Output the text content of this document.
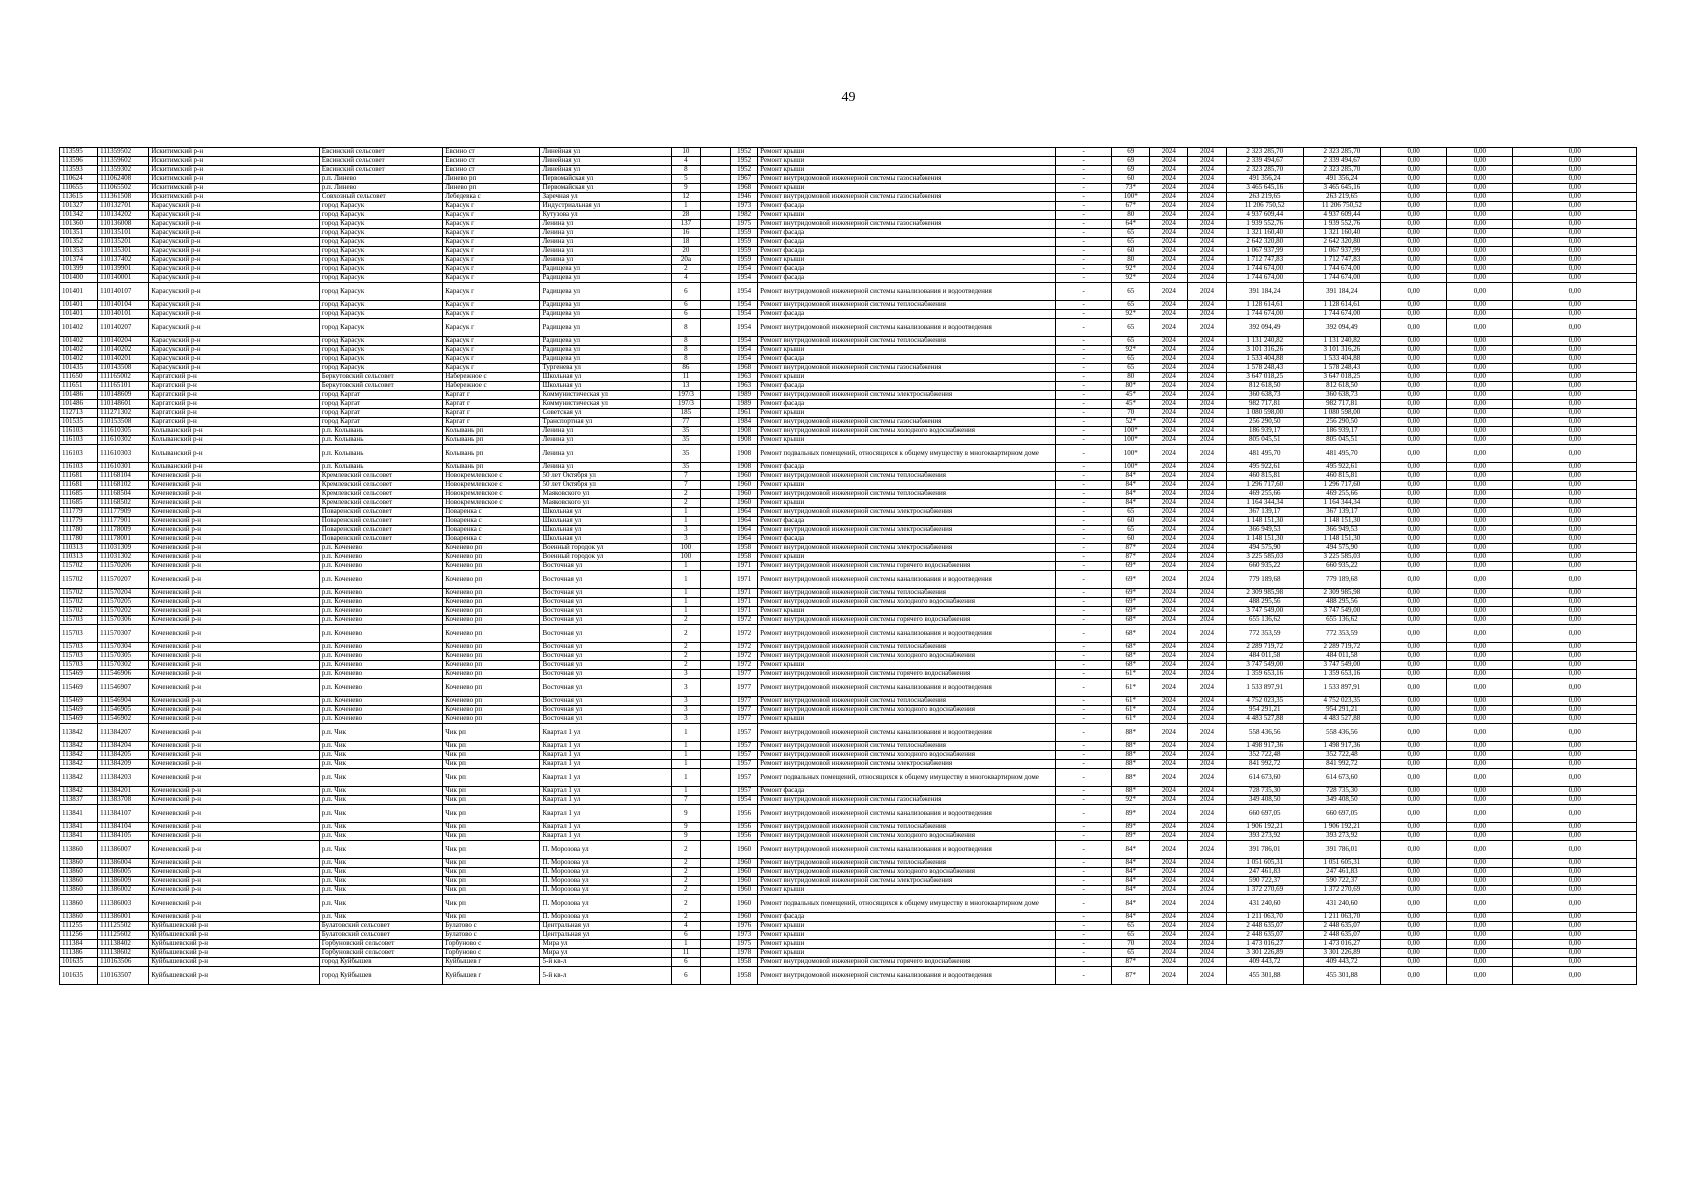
49
113595	111359502	Искитимский р-н	Евсинский сельсовет	Евсино ст	Линейная ул	10		1952	Ремонт крыши	-	69	2024	2024	2 323 285,70	2 323 285,70	0,00	0,00	0,00
113596	111359602	Искитимский р-н	Евсинский сельсовет	Евсино ст	Линейная ул	4		1952	Ремонт крыши	-	69	2024	2024	2 339 494,67	2 339 494,67	0,00	0,00	0,00
113593	111359302	Искитимский р-н	Евсинский сельсовет	Евсино ст	Линейная ул	8		1952	Ремонт крыши	-	69	2024	2024	2 323 285,70	2 323 285,70	0,00	0,00	0,00
110624	111062408	Искитимский р-н	р.п. Линево	Линево рп	Первомайская ул	5		1967	Ремонт внутридомовой инженерной системы газоснабжения	-	60	2024	2024	491 356,24	491 356,24	0,00	0,00	0,00
110655	111065502	Искитимский р-н	р.п. Линево	Линево рп	Первомайская ул	9		1968	Ремонт крыши	-	73*	2024	2024	3 465 645,16	3 465 645,16	0,00	0,00	0,00
113615	111361508	Искитимский р-н	Совхозный сельсовет	Лебедевка с	Заречная ул	12		1946	Ремонт внутридомовой инженерной системы газоснабжения	-	100*	2024	2024	263 219,65	263 219,65	0,00	0,00	0,00
101327	110132701	Карасукский р-н	город Карасук	Карасук г	Индустриальная ул	1		1973	Ремонт фасада	-	67*	2024	2024	11 206 750,52	11 206 750,52	0,00	0,00	0,00
101342	110134202	Карасукский р-н	город Карасук	Карасук г	Кутузова ул	28		1982	Ремонт крыши	-	80	2024	2024	4 937 609,44	4 937 609,44	0,00	0,00	0,00
101360	110136008	Карасукский р-н	город Карасук	Карасук г	Ленина ул	137		1975	Ремонт внутридомовой инженерной системы газоснабжения	-	64*	2024	2024	1 939 552,76	1 939 552,76	0,00	0,00	0,00
101351	110135101	Карасукский р-н	город Карасук	Карасук г	Ленина ул	16		1959	Ремонт фасада	-	65	2024	2024	1 321 160,40	1 321 160,40	0,00	0,00	0,00
101352	110135201	Карасукский р-н	город Карасук	Карасук г	Ленина ул	18		1959	Ремонт фасада	-	65	2024	2024	2 642 320,80	2 642 320,80	0,00	0,00	0,00
101353	110135301	Карасукский р-н	город Карасук	Карасук г	Ленина ул	20		1959	Ремонт фасада	-	60	2024	2024	1 067 937,99	1 067 937,99	0,00	0,00	0,00
101374	110137402	Карасукский р-н	город Карасук	Карасук г	Ленина ул	20а		1959	Ремонт крыши	-	80	2024	2024	1 712 747,83	1 712 747,83	0,00	0,00	0,00
101399	110139901	Карасукский р-н	город Карасук	Карасук г	Радищева ул	2		1954	Ремонт фасада	-	92*	2024	2024	1 744 674,00	1 744 674,00	0,00	0,00	0,00
101400	110140001	Карасукский р-н	город Карасук	Карасук г	Радищева ул	4		1954	Ремонт фасада	-	92*	2024	2024	1 744 674,00	1 744 674,00	0,00	0,00	0,00
101401	110140107	Карасукский р-н	город Карасук	Карасук г	Радищева ул	6		1954	Ремонт внутридомовой инженерной системы канализования и водоотведения	-	65	2024	2024	391 184,24	391 184,24	0,00	0,00	0,00
101401	110140104	Карасукский р-н	город Карасук	Карасук г	Радищева ул	6		1954	Ремонт внутридомовой инженерной системы теплоснабжения	-	65	2024	2024	1 128 614,61	1 128 614,61	0,00	0,00	0,00
101401	110140101	Карасукский р-н	город Карасук	Карасук г	Радищева ул	6		1954	Ремонт фасада	-	92*	2024	2024	1 744 674,00	1 744 674,00	0,00	0,00	0,00
101402	110140207	Карасукский р-н	город Карасук	Карасук г	Радищева ул	8		1954	Ремонт внутридомовой инженерной системы канализования и водоотведения	-	65	2024	2024	392 094,49	392 094,49	0,00	0,00	0,00
101402	110140204	Карасукский р-н	город Карасук	Карасук г	Радищева ул	8		1954	Ремонт внутридомовой инженерной системы теплоснабжения	-	65	2024	2024	1 131 240,82	1 131 240,82	0,00	0,00	0,00
101402	110140202	Карасукский р-н	город Карасук	Карасук г	Радищева ул	8		1954	Ремонт крыши	-	92*	2024	2024	3 101 316,26	3 101 316,26	0,00	0,00	0,00
101402	110140201	Карасукский р-н	город Карасук	Карасук г	Радищева ул	8		1954	Ремонт фасада	-	65	2024	2024	1 533 404,88	1 533 404,88	0,00	0,00	0,00
101435	110143508	Карасукский р-н	город Карасук	Карасук г	Тургенева ул	86		1968	Ремонт внутридомовой инженерной системы газоснабжения	-	65	2024	2024	1 578 248,43	1 578 248,43	0,00	0,00	0,00
111650	111165002	Каргатский р-н	Беркутовский сельсовет	Набережное с	Школьная ул	11		1963	Ремонт крыши	-	80	2024	2024	3 647 018,25	3 647 018,25	0,00	0,00	0,00
111651	111165101	Каргатский р-н	Беркутовский сельсовет	Набережное с	Школьная ул	13		1963	Ремонт фасада	-	80*	2024	2024	812 618,50	812 618,50	0,00	0,00	0,00
101486	110148609	Каргатский р-н	город Каргат	Каргат г	Коммунистическая ул	197/3		1989	Ремонт внутридомовой инженерной системы электроснабжения	-	45*	2024	2024	360 638,73	360 638,73	0,00	0,00	0,00
101486	110148601	Каргатский р-н	город Каргат	Каргат г	Коммунистическая ул	197/3		1989	Ремонт фасада	-	45*	2024	2024	982 717,81	982 717,81	0,00	0,00	0,00
112713	111271302	Каргатский р-н	город Каргат	Каргат г	Советская ул	185		1961	Ремонт крыши	-	70	2024	2024	1 080 598,00	1 080 598,00	0,00	0,00	0,00
101535	110153508	Каргатский р-н	город Каргат	Каргат г	Транспортная ул	77		1984	Ремонт внутридомовой инженерной системы газоснабжения	-	52*	2024	2024	256 290,50	256 290,50	0,00	0,00	0,00
116103	111610305	Колыванский р-н	р.п. Колывань	Колывань рп	Ленина ул	35		1908	Ремонт внутридомовой инженерной системы холодного водоснабжения	-	100*	2024	2024	186 939,17	186 939,17	0,00	0,00	0,00
116103	111610302	Колыванский р-н	р.п. Колывань	Колывань рп	Ленина ул	35		1908	Ремонт крыши	-	100*	2024	2024	805 045,51	805 045,51	0,00	0,00	0,00
116103	111610303	Колыванский р-н	р.п. Колывань	Колывань рп	Ленина ул	35		1908	Ремонт подвальных помещений, относящихся к общему имуществу в многоквартирном доме	-	100*	2024	2024	481 495,70	481 495,70	0,00	0,00	0,00
116103	111610301	Колыванский р-н	р.п. Колывань	Колывань рп	Ленина ул	35		1908	Ремонт фасада	-	100*	2024	2024	495 922,61	495 922,61	0,00	0,00	0,00
111681	111168104	Коченевский р-н	Кремлевский сельсовет	Новокремлевское с	50 лет Октября ул	7		1960	Ремонт внутридомовой инженерной системы теплоснабжения	-	84*	2024	2024	460 815,81	460 815,81	0,00	0,00	0,00
111681	111168102	Коченевский р-н	Кремлевский сельсовет	Новокремлевское с	50 лет Октября ул	7		1960	Ремонт крыши	-	84*	2024	2024	1 296 717,60	1 296 717,60	0,00	0,00	0,00
111685	111168504	Коченевский р-н	Кремлевский сельсовет	Новокремлевское с	Маяковского ул	2		1960	Ремонт внутридомовой инженерной системы теплоснабжения	-	84*	2024	2024	469 255,66	469 255,66	0,00	0,00	0,00
111685	111168502	Коченевский р-н	Кремлевский сельсовет	Новокремлевское с	Маяковского ул	2		1960	Ремонт крыши	-	84*	2024	2024	1 164 344,34	1 164 344,34	0,00	0,00	0,00
111779	111177909	Коченевский р-н	Поваренский сельсовет	Поваренка с	Школьная ул	1		1964	Ремонт внутридомовой инженерной системы электроснабжения	-	65	2024	2024	367 139,17	367 139,17	0,00	0,00	0,00
111779	111177901	Коченевский р-н	Поваренский сельсовет	Поваренка с	Школьная ул	1		1964	Ремонт фасада	-	60	2024	2024	1 148 151,30	1 148 151,30	0,00	0,00	0,00
111780	111178009	Коченевский р-н	Поваренский сельсовет	Поваренка с	Школьная ул	3		1964	Ремонт внутридомовой инженерной системы электроснабжения	-	65	2024	2024	366 949,53	366 949,53	0,00	0,00	0,00
111780	111178001	Коченевский р-н	Поваренский сельсовет	Поваренка с	Школьная ул	3		1964	Ремонт фасада	-	60	2024	2024	1 148 151,30	1 148 151,30	0,00	0,00	0,00
110313	111031309	Коченевский р-н	р.п. Коченево	Коченево рп	Военный городок ул	100		1958	Ремонт внутридомовой инженерной системы электроснабжения	-	87*	2024	2024	494 575,90	494 575,90	0,00	0,00	0,00
110313	111031302	Коченевский р-н	р.п. Коченево	Коченево рп	Военный городок ул	100		1958	Ремонт крыши	-	87*	2024	2024	3 225 585,03	3 225 585,03	0,00	0,00	0,00
115702	111570206	Коченевский р-н	р.п. Коченево	Коченево рп	Восточная ул	1		1971	Ремонт внутридомовой инженерной системы горячего водоснабжения	-	69*	2024	2024	660 935,22	660 935,22	0,00	0,00	0,00
115702	111570207	Коченевский р-н	р.п. Коченево	Коченево рп	Восточная ул	1		1971	Ремонт внутридомовой инженерной системы канализования и водоотведения	-	69*	2024	2024	779 189,68	779 189,68	0,00	0,00	0,00
115702	111570204	Коченевский р-н	р.п. Коченево	Коченево рп	Восточная ул	1		1971	Ремонт внутридомовой инженерной системы теплоснабжения	-	69*	2024	2024	2 309 985,98	2 309 985,98	0,00	0,00	0,00
115702	111570205	Коченевский р-н	р.п. Коченево	Коченево рп	Восточная ул	1		1971	Ремонт внутридомовой инженерной системы холодного водоснабжения	-	69*	2024	2024	488 295,56	488 295,56	0,00	0,00	0,00
115702	111570202	Коченевский р-н	р.п. Коченево	Коченево рп	Восточная ул	1		1971	Ремонт крыши	-	69*	2024	2024	3 747 549,00	3 747 549,00	0,00	0,00	0,00
115703	111570306	Коченевский р-н	р.п. Коченево	Коченево рп	Восточная ул	2		1972	Ремонт внутридомовой инженерной системы горячего водоснабжения	-	68*	2024	2024	655 136,62	655 136,62	0,00	0,00	0,00
115703	111570307	Коченевский р-н	р.п. Коченево	Коченево рп	Восточная ул	2		1972	Ремонт внутридомовой инженерной системы канализования и водоотведения	-	68*	2024	2024	772 353,59	772 353,59	0,00	0,00	0,00
115703	111570304	Коченевский р-н	р.п. Коченево	Коченево рп	Восточная ул	2		1972	Ремонт внутридомовой инженерной системы теплоснабжения	-	68*	2024	2024	2 289 719,72	2 289 719,72	0,00	0,00	0,00
115703	111570305	Коченевский р-н	р.п. Коченево	Коченево рп	Восточная ул	2		1972	Ремонт внутридомовой инженерной системы холодного водоснабжения	-	68*	2024	2024	484 011,58	484 011,58	0,00	0,00	0,00
115703	111570302	Коченевский р-н	р.п. Коченево	Коченево рп	Восточная ул	2		1972	Ремонт крыши	-	68*	2024	2024	3 747 549,00	3 747 549,00	0,00	0,00	0,00
115469	111546906	Коченевский р-н	р.п. Коченево	Коченево рп	Восточная ул	3		1977	Ремонт внутридомовой инженерной системы горячего водоснабжения	-	61*	2024	2024	1 359 653,16	1 359 653,16	0,00	0,00	0,00
115469	111546907	Коченевский р-н	р.п. Коченево	Коченево рп	Восточная ул	3		1977	Ремонт внутридомовой инженерной системы канализования и водоотведения	-	61*	2024	2024	1 533 897,91	1 533 897,91	0,00	0,00	0,00
115469	111546904	Коченевский р-н	р.п. Коченево	Коченево рп	Восточная ул	3		1977	Ремонт внутридомовой инженерной системы теплоснабжения	-	61*	2024	2024	4 752 023,35	4 752 023,35	0,00	0,00	0,00
115469	111546905	Коченевский р-н	р.п. Коченево	Коченево рп	Восточная ул	3		1977	Ремонт внутридомовой инженерной системы холодного водоснабжения	-	61*	2024	2024	954 291,21	954 291,21	0,00	0,00	0,00
115469	111546902	Коченевский р-н	р.п. Коченево	Коченево рп	Восточная ул	3		1977	Ремонт крыши	-	61*	2024	2024	4 483 527,88	4 483 527,88	0,00	0,00	0,00
113842	111384207	Коченевский р-н	р.п. Чик	Чик рп	Квартал 1 ул	1		1957	Ремонт внутридомовой инженерной системы канализования и водоотведения	-	88*	2024	2024	558 436,56	558 436,56	0,00	0,00	0,00
113842	111384204	Коченевский р-н	р.п. Чик	Чик рп	Квартал 1 ул	1		1957	Ремонт внутридомовой инженерной системы теплоснабжения	-	88*	2024	2024	1 498 917,36	1 498 917,36	0,00	0,00	0,00
113842	111384205	Коченевский р-н	р.п. Чик	Чик рп	Квартал 1 ул	1		1957	Ремонт внутридомовой инженерной системы холодного водоснабжения	-	88*	2024	2024	352 722,48	352 722,48	0,00	0,00	0,00
113842	111384209	Коченевский р-н	р.п. Чик	Чик рп	Квартал 1 ул	1		1957	Ремонт внутридомовой инженерной системы электроснабжения	-	88*	2024	2024	841 992,72	841 992,72	0,00	0,00	0,00
113842	111384203	Коченевский р-н	р.п. Чик	Чик рп	Квартал 1 ул	1		1957	Ремонт подвальных помещений, относящихся к общему имуществу в многоквартирном доме	-	88*	2024	2024	614 673,60	614 673,60	0,00	0,00	0,00
113842	111384201	Коченевский р-н	р.п. Чик	Чик рп	Квартал 1 ул	1		1957	Ремонт фасада	-	88*	2024	2024	728 735,30	728 735,30	0,00	0,00	0,00
113837	111383708	Коченевский р-н	р.п. Чик	Чик рп	Квартал 1 ул	7		1954	Ремонт внутридомовой инженерной системы газоснабжения	-	92*	2024	2024	349 408,50	349 408,50	0,00	0,00	0,00
113841	111384107	Коченевский р-н	р.п. Чик	Чик рп	Квартал 1 ул	9		1956	Ремонт внутридомовой инженерной системы канализования и водоотведения	-	89*	2024	2024	660 697,05	660 697,05	0,00	0,00	0,00
113841	111384104	Коченевский р-н	р.п. Чик	Чик рп	Квартал 1 ул	9		1956	Ремонт внутридомовой инженерной системы теплоснабжения	-	89*	2024	2024	1 906 192,21	1 906 192,21	0,00	0,00	0,00
113841	111384105	Коченевский р-н	р.п. Чик	Чик рп	Квартал 1 ул	9		1956	Ремонт внутридомовой инженерной системы холодного водоснабжения	-	89*	2024	2024	393 273,92	393 273,92	0,00	0,00	0,00
113860	111386007	Коченевский р-н	р.п. Чик	Чик рп	П. Морозова ул	2		1960	Ремонт внутридомовой инженерной системы канализования и водоотведения	-	84*	2024	2024	391 786,01	391 786,01	0,00	0,00	0,00
113860	111386004	Коченевский р-н	р.п. Чик	Чик рп	П. Морозова ул	2		1960	Ремонт внутридомовой инженерной системы теплоснабжения	-	84*	2024	2024	1 051 605,31	1 051 605,31	0,00	0,00	0,00
113860	111386005	Коченевский р-н	р.п. Чик	Чик рп	П. Морозова ул	2		1960	Ремонт внутридомовой инженерной системы холодного водоснабжения	-	84*	2024	2024	247 461,83	247 461,83	0,00	0,00	0,00
113860	111386009	Коченевский р-н	р.п. Чик	Чик рп	П. Морозова ул	2		1960	Ремонт внутридомовой инженерной системы электроснабжения	-	84*	2024	2024	590 722,37	590 722,37	0,00	0,00	0,00
113860	111386002	Коченевский р-н	р.п. Чик	Чик рп	П. Морозова ул	2		1960	Ремонт крыши	-	84*	2024	2024	1 372 270,69	1 372 270,69	0,00	0,00	0,00
113860	111386003	Коченевский р-н	р.п. Чик	Чик рп	П. Морозова ул	2		1960	Ремонт подвальных помещений, относящихся к общему имуществу в многоквартирном доме	-	84*	2024	2024	431 240,60	431 240,60	0,00	0,00	0,00
113860	111386001	Коченевский р-н	р.п. Чик	Чик рп	П. Морозова ул	2		1960	Ремонт фасада	-	84*	2024	2024	1 211 063,70	1 211 063,70	0,00	0,00	0,00
111255	111125502	Куйбышевский р-н	Булатовский сельсовет	Булатово с	Центральная ул	4		1976	Ремонт крыши	-	65	2024	2024	2 448 635,07	2 448 635,07	0,00	0,00	0,00
111256	111125602	Куйбышевский р-н	Булатовский сельсовет	Булатово с	Центральная ул	6		1973	Ремонт крыши	-	65	2024	2024	2 448 635,07	2 448 635,07	0,00	0,00	0,00
111384	111138402	Куйбышевский р-н	Горбуновский сельсовет	Горбуново с	Мира ул	1		1975	Ремонт крыши	-	70	2024	2024	1 473 016,27	1 473 016,27	0,00	0,00	0,00
111386	111138602	Куйбышевский р-н	Горбуновский сельсовет	Горбуново с	Мира ул	11		1978	Ремонт крыши	-	65	2024	2024	3 301 226,89	3 301 226,89	0,00	0,00	0,00
101635	110163506	Куйбышевский р-н	город Куйбышев	Куйбышев г	5-й кв-л	6		1958	Ремонт внутридомовой инженерной системы горячего водоснабжения	-	87*	2024	2024	409 443,72	409 443,72	0,00	0,00	0,00
101635	110163507	Куйбышевский р-н	город Куйбышев	Куйбышев г	5-й кв-л	6		1958	Ремонт внутридомовой инженерной системы канализования и водоотведения	-	87*	2024	2024	455 301,88	455 301,88	0,00	0,00	0,00
